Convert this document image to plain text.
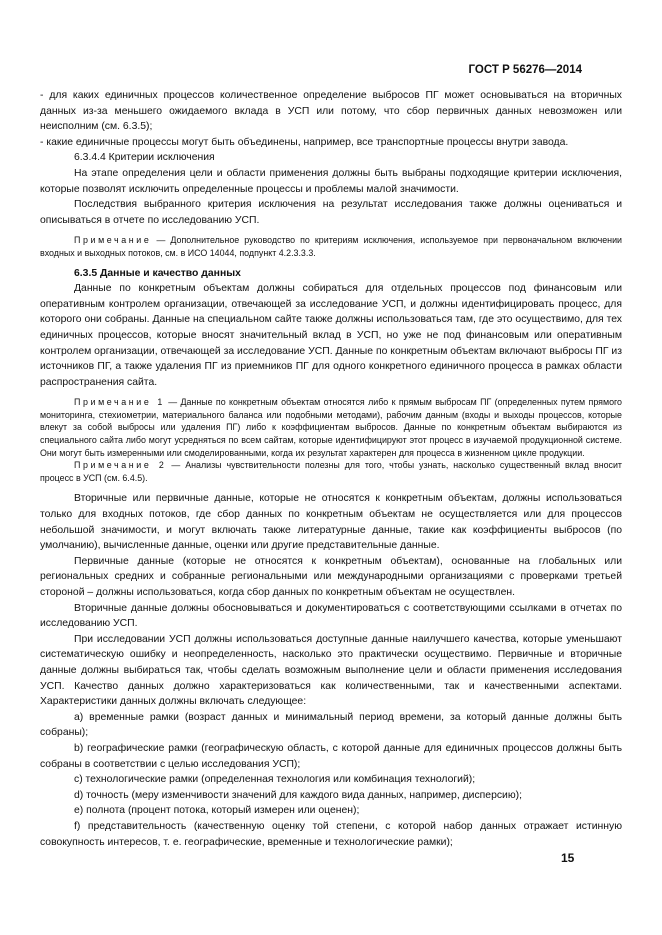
ГОСТ Р 56276—2014

- для каких единичных процессов количественное определение выбросов ПГ может основываться на вторичных данных из-за меньшего ожидаемого вклада в УСП или потому, что сбор первичных данных невозможен или неисполним (см. 6.3.5);

- какие единичные процессы могут быть объединены, например, все транспортные процессы внутри завода.

6.3.4.4 Критерии исключения

На этапе определения цели и области применения должны быть выбраны подходящие критерии исключения, которые позволят исключить определенные процессы и проблемы малой значимости.

Последствия выбранного критерия исключения на результат исследования также должны оцениваться и описываться в отчете по исследованию УСП.

Примечание — Дополнительное руководство по критериям исключения, используемое при первоначальном включении входных и выходных потоков, см. в ИСО 14044, подпункт 4.2.3.3.3.

6.3.5 Данные и качество данных

Данные по конкретным объектам должны собираться для отдельных процессов под финансовым или оперативным контролем организации, отвечающей за исследование УСП, и должны идентифицировать процесс, для которого они собраны. Данные на специальном сайте также должны использоваться там, где это осуществимо, для тех единичных процессов, которые вносят значительный вклад в УСП, но уже не под финансовым или оперативным контролем организации, отвечающей за исследование УСП. Данные по конкретным объектам включают выбросы ПГ из источников ПГ, а также удаления ПГ из приемников ПГ для одного конкретного единичного процесса в рамках области распространения сайта.

Примечание 1 — Данные по конкретным объектам относятся либо к прямым выбросам ПГ (определенных путем прямого мониторинга, стехиометрии, материального баланса или подобными методами), рабочим данным (входы и выходы процессов, которые влекут за собой выбросы или удаления ПГ) либо к коэффициентам выбросов. Данные по конкретным объектам выбираются из специального сайта либо могут усредняться по всем сайтам, которые идентифицируют этот процесс в изучаемой продукционной системе. Они могут быть измеренными или смоделированными, когда их результат характерен для процесса в жизненном цикле продукции.

Примечание 2 — Анализы чувствительности полезны для того, чтобы узнать, насколько существенный вклад вносит процесс в УСП (см. 6.4.5).

Вторичные или первичные данные, которые не относятся к конкретным объектам, должны использоваться только для входных потоков, где сбор данных по конкретным объектам не осуществляется или для процессов небольшой значимости, и могут включать также литературные данные, такие как коэффициенты выбросов (по умолчанию), вычисленные данные, оценки или другие представительные данные.

Первичные данные (которые не относятся к конкретным объектам), основанные на глобальных или региональных средних и собранные региональными или международными организациями с проверками третьей стороной – должны использоваться, когда сбор данных по конкретным объектам не осуществлен.

Вторичные данные должны обосновываться и документироваться с соответствующими ссылками в отчетах по исследованию УСП.

При исследовании УСП должны использоваться доступные данные наилучшего качества, которые уменьшают систематическую ошибку и неопределенность, насколько это практически осуществимо. Первичные и вторичные данные должны выбираться так, чтобы сделать возможным выполнение цели и области применения исследования УСП. Качество данных должно характеризоваться как количественными, так и качественными аспектами. Характеристики данных должны включать следующее:

a) временные рамки (возраст данных и минимальный период времени, за который данные должны быть собраны);

b) географические рамки (географическую область, с которой данные для единичных процессов должны быть собраны в соответствии с целью исследования УСП);

c) технологические рамки (определенная технология или комбинация технологий);

d) точность (меру изменчивости значений для каждого вида данных, например, дисперсию);

e) полнота (процент потока, который измерен или оценен);

f) представительность (качественную оценку той степени, с которой набор данных отражает истинную совокупность интересов, т. е. географические, временные и технологические рамки);

15
